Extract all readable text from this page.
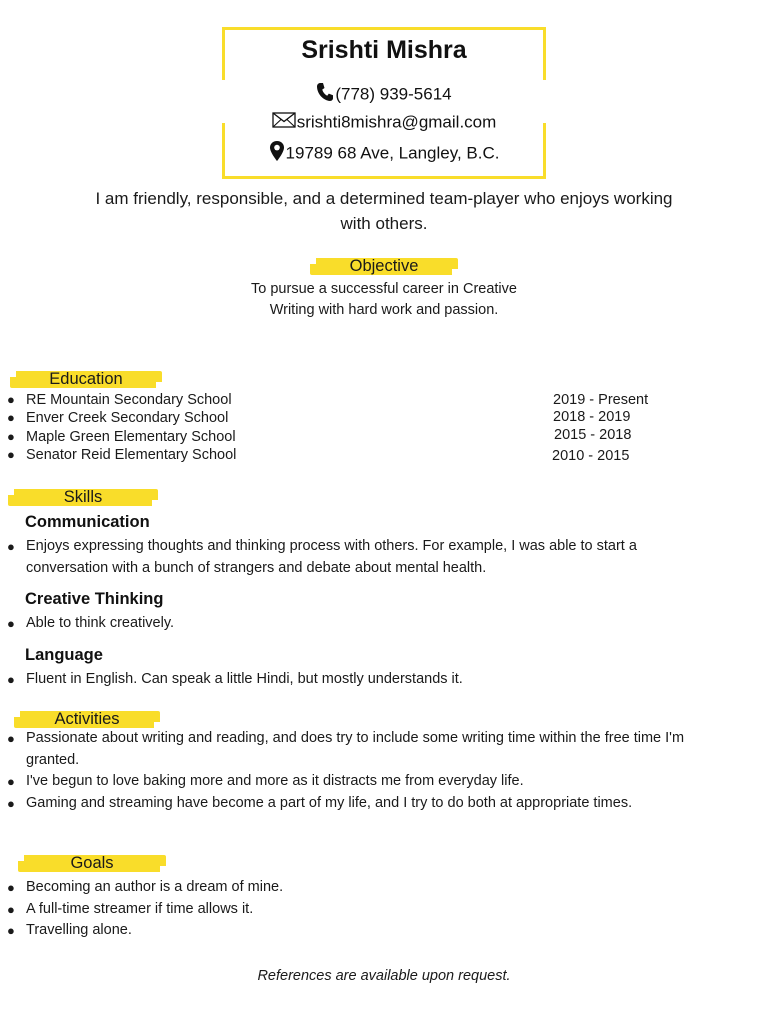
Srishti Mishra
(778) 939-5614
srishti8mishra@gmail.com
19789 68 Ave, Langley, B.C.
I am friendly, responsible, and a determined team-player who enjoys working with others.
Objective
To pursue a successful career in Creative
Writing with hard work and passion.
Education
● RE Mountain Secondary School
● Enver Creek Secondary School
● Maple Green Elementary School
● Senator Reid Elementary School
2019 - Present
2018 - 2019
2015 - 2018
2010 - 2015
Skills
Communication
● Enjoys expressing thoughts and thinking process with others. For example, I was able to start a conversation with a bunch of strangers and debate about mental health.
Creative Thinking
● Able to think creatively.
Language
● Fluent in English. Can speak a little Hindi, but mostly understands it.
Activities
● Passionate about writing and reading, and does try to include some writing time within the free time I'm granted.
● I've begun to love baking more and more as it distracts me from everyday life.
● Gaming and streaming have become a part of my life, and I try to do both at appropriate times.
Goals
● Becoming an author is a dream of mine.
● A full-time streamer if time allows it.
● Travelling alone.
References are available upon request.
